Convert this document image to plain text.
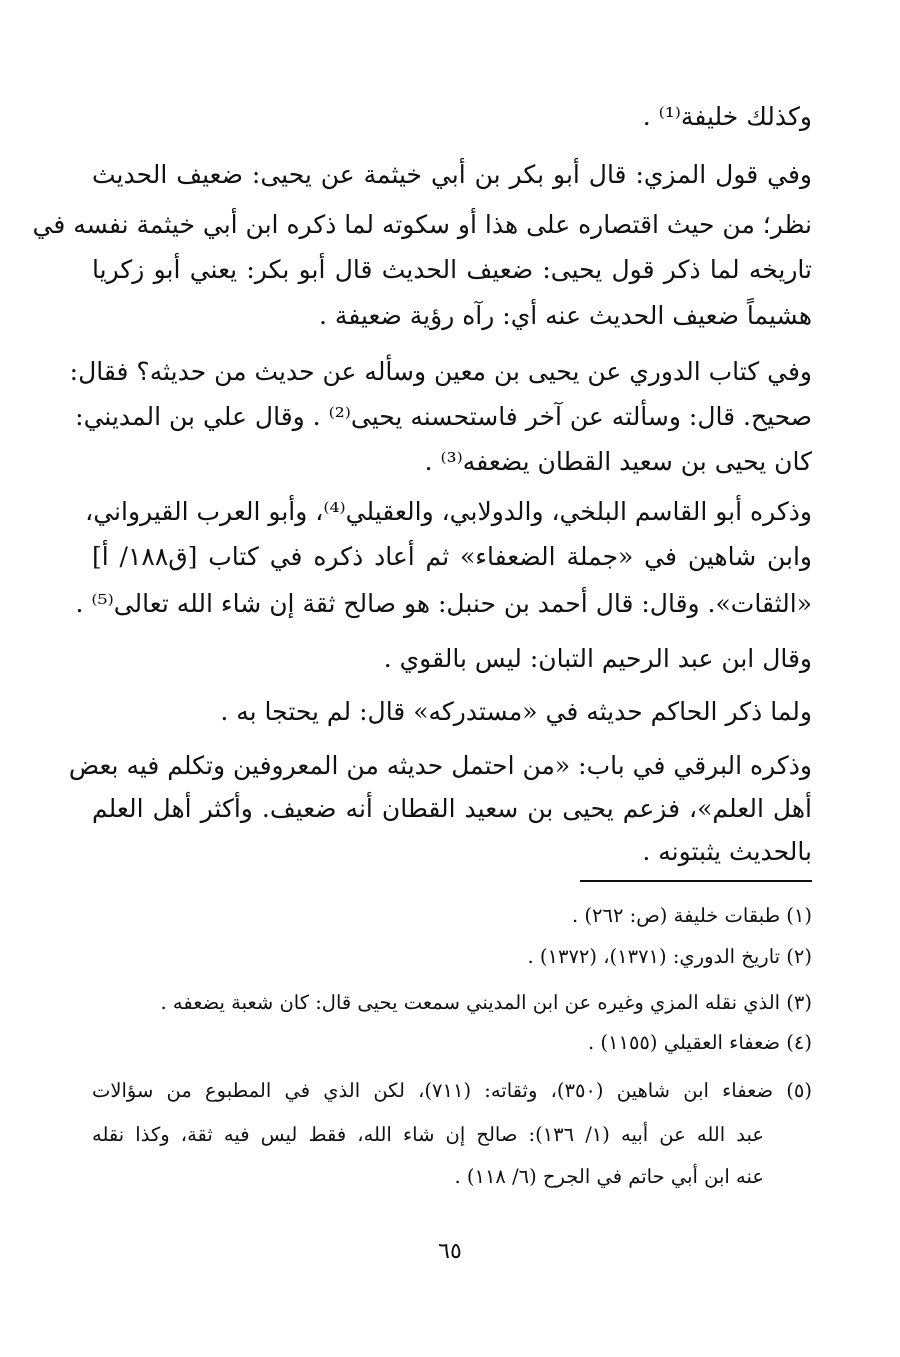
وكذلك خليفة⁽¹⁾ .
وفي قول المزي: قال أبو بكر بن أبي خيثمة عن يحيى: ضعيف الحديث
نظر؛ من حيث اقتصاره على هذا أو سكوته لما ذكره ابن أبي خيثمة نفسه في
تاريخه لما ذكر قول يحيى: ضعيف الحديث قال أبو بكر: يعني أبو زكريا
هشيماً ضعيف الحديث عنه أي: رآه رؤية ضعيفة .
وفي كتاب الدوري عن يحيى بن معين وسأله عن حديث من حديثه؟ فقال:
صحيح. قال: وسألته عن آخر فاستحسنه يحيى⁽²⁾ . وقال علي بن المديني:
كان يحيى بن سعيد القطان يضعفه⁽³⁾ .
وذكره أبو القاسم البلخي، والدولابي، والعقيلي⁽⁴⁾، وأبو العرب القيرواني،
وابن شاهين في «جملة الضعفاء» ثم أعاد ذكره في كتاب [ق١٨٨/ أ]
«الثقات». وقال: قال أحمد بن حنبل: هو صالح ثقة إن شاء الله تعالى⁽⁵⁾ .
وقال ابن عبد الرحيم التبان: ليس بالقوي .
ولما ذكر الحاكم حديثه في «مستدركه» قال: لم يحتجا به .
وذكره البرقي في باب: «من احتمل حديثه من المعروفين وتكلم فيه بعض
أهل العلم»، فزعم يحيى بن سعيد القطان أنه ضعيف. وأكثر أهل العلم
بالحديث يثبتونه .
(١) طبقات خليفة (ص: ٢٦٢) .
(٢) تاريخ الدوري: (١٣٧١)، (١٣٧٢) .
(٣) الذي نقله المزي وغيره عن ابن المديني سمعت يحيى قال: كان شعبة يضعفه .
(٤) ضعفاء العقيلي (١١٥٥) .
(٥) ضعفاء ابن شاهين (٣٥٠)، وثقاته: (٧١١)، لكن الذي في المطبوع من سؤالات
عبد الله عن أبيه (١/ ١٣٦): صالح إن شاء الله، فقط ليس فيه ثقة، وكذا نقله
عنه ابن أبي حاتم في الجرح (٦/ ١١٨) .
٦٥
